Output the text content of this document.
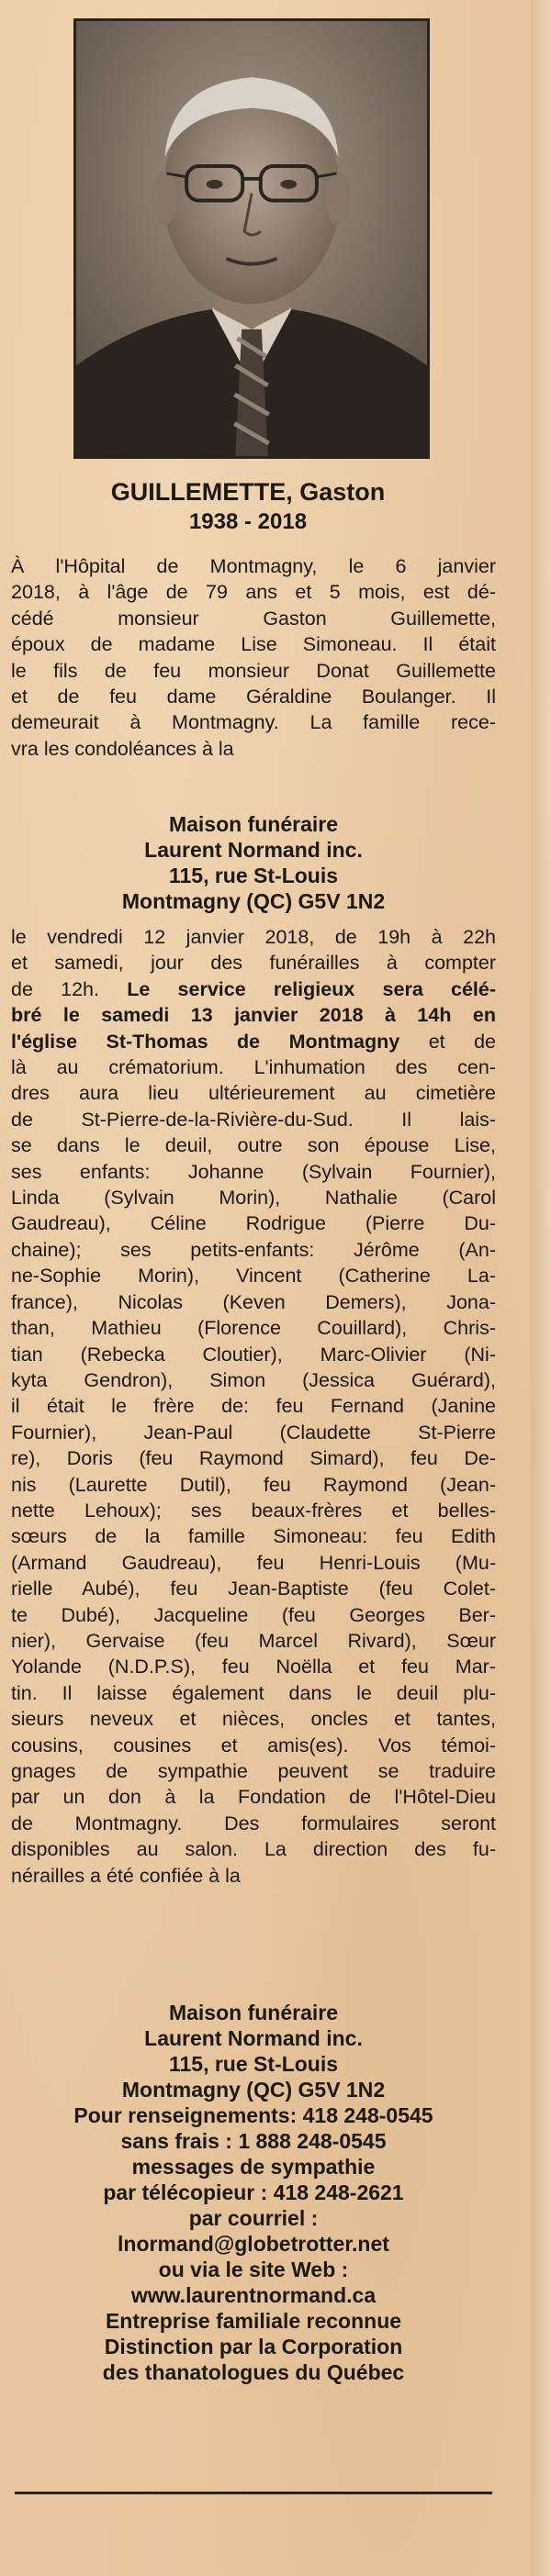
GUILLEMETTE, Gaston
1938 - 2018

À l'Hôpital de Montmagny, le 6 janvier
2018, à l'âge de 79 ans et 5 mois, est dé-
cédé monsieur Gaston Guillemette,
époux de madame Lise Simoneau. Il était
le fils de feu monsieur Donat Guillemette
et de feu dame Géraldine Boulanger. Il
demeurait à Montmagny. La famille rece-
vra les condoléances à la

Maison funéraire
Laurent Normand inc.
115, rue St-Louis
Montmagny (QC) G5V 1N2

le vendredi 12 janvier 2018, de 19h à 22h
et samedi, jour des funérailles à compter
de 12h. Le service religieux sera célé-
bré le samedi 13 janvier 2018 à 14h en
l'église St-Thomas de Montmagny et de
là au crématorium. L'inhumation des cen-
dres aura lieu ultérieurement au cimetière
de St-Pierre-de-la-Rivière-du-Sud. Il lais-
se dans le deuil, outre son épouse Lise,
ses enfants: Johanne (Sylvain Fournier),
Linda (Sylvain Morin), Nathalie (Carol
Gaudreau), Céline Rodrigue (Pierre Du-
chaine); ses petits-enfants: Jérôme (An-
ne-Sophie Morin), Vincent (Catherine La-
france), Nicolas (Keven Demers), Jona-
than, Mathieu (Florence Couillard), Chris-
tian (Rebecka Cloutier), Marc-Olivier (Ni-
kyta Gendron), Simon (Jessica Guérard),
il était le frère de: feu Fernand (Janine
Fournier), Jean-Paul (Claudette St-Pierre
re), Doris (feu Raymond Simard), feu De-
nis (Laurette Dutil), feu Raymond (Jean-
nette Lehoux); ses beaux-frères et belles-
sœurs de la famille Simoneau: feu Edith
(Armand Gaudreau), feu Henri-Louis (Mu-
rielle Aubé), feu Jean-Baptiste (feu Colet-
te Dubé), Jacqueline (feu Georges Ber-
nier), Gervaise (feu Marcel Rivard), Sœur
Yolande (N.D.P.S), feu Noëlla et feu Mar-
tin. Il laisse également dans le deuil plu-
sieurs neveux et nièces, oncles et tantes,
cousins, cousines et amis(es). Vos témoi-
gnages de sympathie peuvent se traduire
par un don à la Fondation de l'Hôtel-Dieu
de Montmagny. Des formulaires seront
disponibles au salon. La direction des fu-
nérailles a été confiée à la

Maison funéraire
Laurent Normand inc.
115, rue St-Louis
Montmagny (QC) G5V 1N2
Pour renseignements: 418 248-0545
sans frais : 1 888 248-0545
messages de sympathie
par télécopieur : 418 248-2621
par courriel :
lnormand@globetrotter.net
ou via le site Web :
www.laurentnormand.ca
Entreprise familiale reconnue
Distinction par la Corporation
des thanatologues du Québec
